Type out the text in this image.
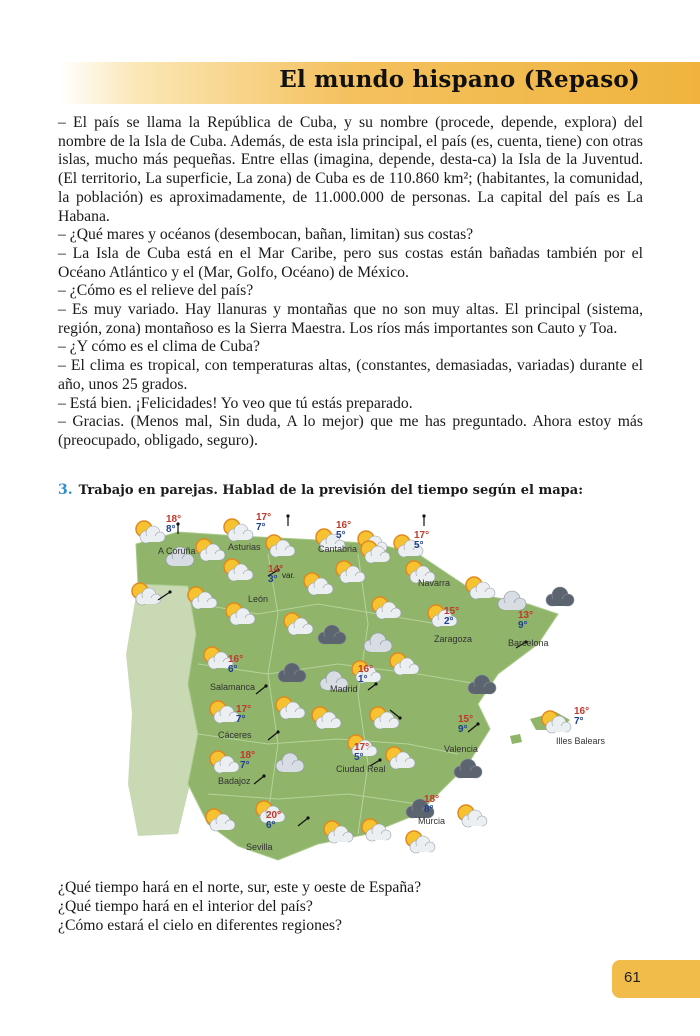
El mundo hispano (Repaso)

– El país se llama la República de Cuba, y su nombre (procede, depende, explora) del nombre de la Isla de Cuba. Además, de esta isla principal, el país (es, cuenta, tiene) con otras islas, mucho más pequeñas. Entre ellas (imagina, depende, desta-ca) la Isla de la Juventud. (El territorio, La superficie, La zona) de Cuba es de 110.860 km²; (habitantes, la comunidad, la población) es aproximadamente, de 11.000.000 de personas. La capital del país es La Habana.

– ¿Qué mares y océanos (desembocan, bañan, limitan) sus costas?

– La Isla de Cuba está en el Mar Caribe, pero sus costas están bañadas también por el Océano Atlántico y el (Mar, Golfo, Océano) de México.

– ¿Cómo es el relieve del país?

– Es muy variado. Hay llanuras y montañas que no son muy altas. El principal (sistema, región, zona) montañoso es la Sierra Maestra. Los ríos más importantes son Cauto y Toa.

– ¿Y cómo es el clima de Cuba?

– El clima es tropical, con temperaturas altas, (constantes, demasiadas, variadas) durante el año, unos 25 grados.

– Está bien. ¡Felicidades! Yo veo que tú estás preparado.

– Gracias. (Menos mal, Sin duda, A lo mejor) que me has preguntado. Ahora estoy más (preocupado, obligado, seguro).

3. Trabajo en parejas. Hablad de la previsión del tiempo según el mapa:
18°
8°
A Coruña
17°
7°
Asturias
16°
5°
Cantabria
17°
5°
14°
3° var.
León
Navarra
15°
2°
Zaragoza
13°
9°
Barcelona
16°
6°
Salamanca
16°
1°
Madrid
17°
7°
Cáceres
15°
9°
Valencia
16°
7°
Illes Balears
18°
7°
Badajoz
17°
5°
Ciudad Real
18°
8°
Murcia
20°
6°
Sevilla

¿Qué tiempo hará en el norte, sur, este y oeste de España?

¿Qué tiempo hará en el interior del país?

¿Cómo estará el cielo en diferentes regiones?

61
